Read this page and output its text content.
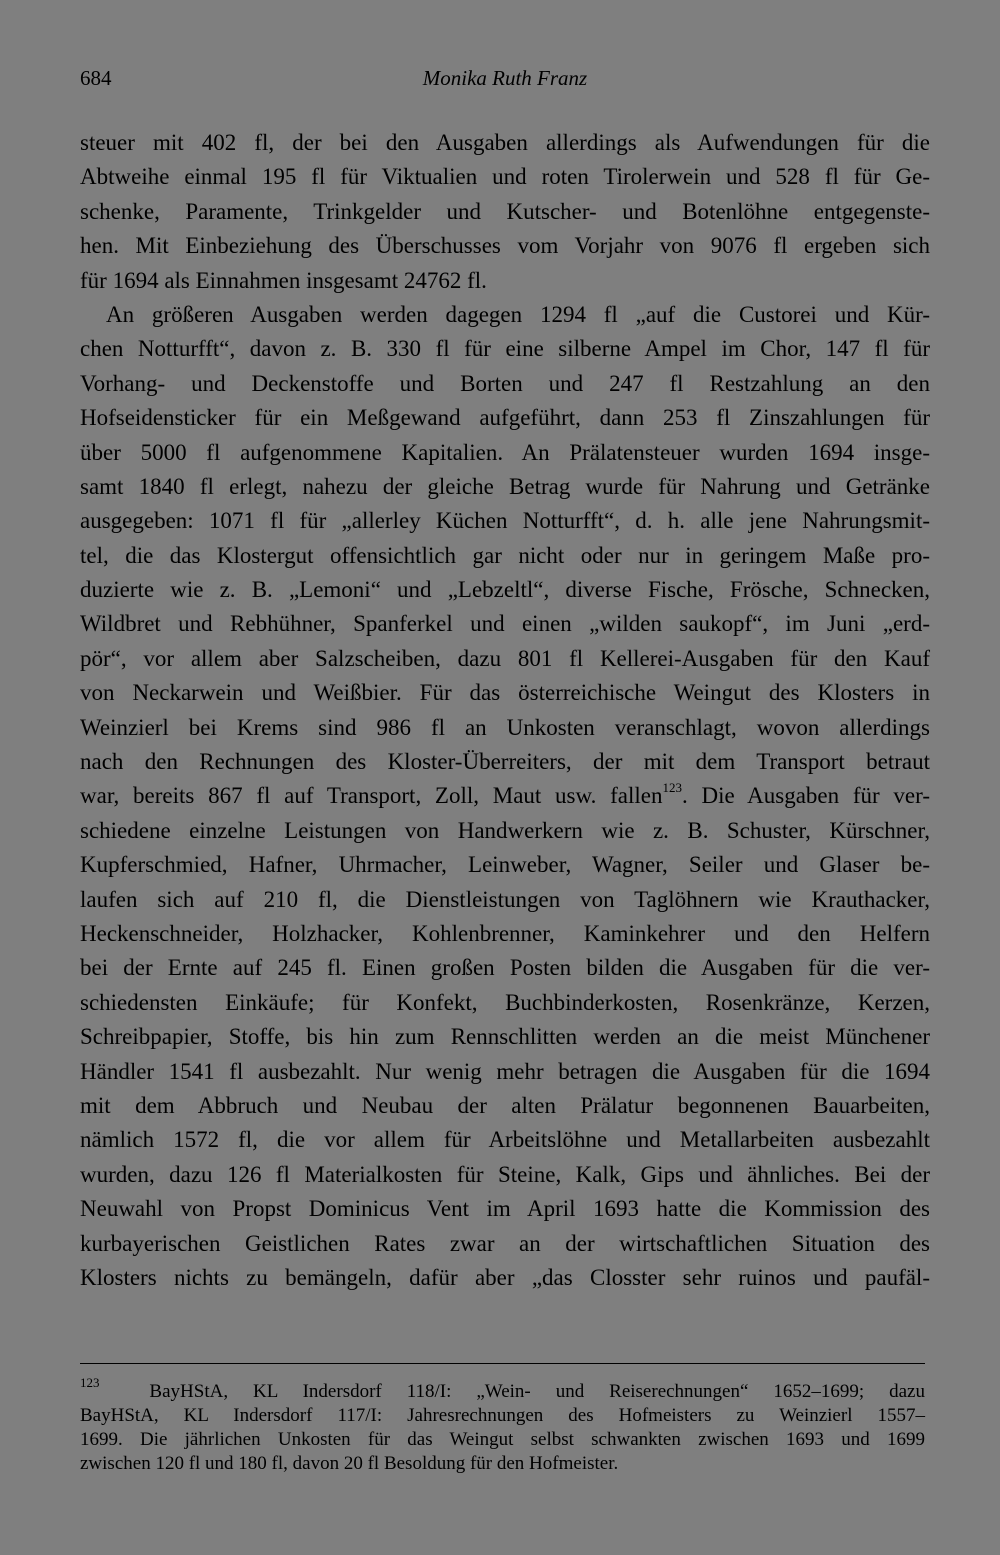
684	Monika Ruth Franz
steuer mit 402 fl, der bei den Ausgaben allerdings als Aufwendungen für die
Abtweihe einmal 195 fl für Viktualien und roten Tirolerwein und 528 fl für Ge-
schenke, Paramente, Trinkgelder und Kutscher- und Botenlöhne entgegenste-
hen. Mit Einbeziehung des Überschusses vom Vorjahr von 9076 fl ergeben sich
für 1694 als Einnahmen insgesamt 24762 fl.
An größeren Ausgaben werden dagegen 1294 fl „auf die Custorei und Kür-
chen Notturfft“, davon z. B. 330 fl für eine silberne Ampel im Chor, 147 fl für
Vorhang- und Deckenstoffe und Borten und 247 fl Restzahlung an den
Hofseidensticker für ein Meßgewand aufgeführt, dann 253 fl Zinszahlungen für
über 5000 fl aufgenommene Kapitalien. An Prälatensteuer wurden 1694 insge-
samt 1840 fl erlegt, nahezu der gleiche Betrag wurde für Nahrung und Getränke
ausgegeben: 1071 fl für „allerley Küchen Notturfft“, d. h. alle jene Nahrungsmit-
tel, die das Klostergut offensichtlich gar nicht oder nur in geringem Maße pro-
duzierte wie z. B. „Lemoni“ und „Lebzeltl“, diverse Fische, Frösche, Schnecken,
Wildbret und Rebhühner, Spanferkel und einen „wilden saukopf“, im Juni „erd-
pör“, vor allem aber Salzscheiben, dazu 801 fl Kellerei-Ausgaben für den Kauf
von Neckarwein und Weißbier. Für das österreichische Weingut des Klosters in
Weinzierl bei Krems sind 986 fl an Unkosten veranschlagt, wovon allerdings
nach den Rechnungen des Kloster-Überreiters, der mit dem Transport betraut
war, bereits 867 fl auf Transport, Zoll, Maut usw. fallen$^{123}$. Die Ausgaben für ver-
schiedene einzelne Leistungen von Handwerkern wie z. B. Schuster, Kürschner,
Kupferschmied, Hafner, Uhrmacher, Leinweber, Wagner, Seiler und Glaser be-
laufen sich auf 210 fl, die Dienstleistungen von Taglöhnern wie Krauthacker,
Heckenschneider, Holzhacker, Kohlenbrenner, Kaminkehrer und den Helfern
bei der Ernte auf 245 fl. Einen großen Posten bilden die Ausgaben für die ver-
schiedensten Einkäufe; für Konfekt, Buchbinderkosten, Rosenkränze, Kerzen,
Schreibpapier, Stoffe, bis hin zum Rennschlitten werden an die meist Münchener
Händler 1541 fl ausbezahlt. Nur wenig mehr betragen die Ausgaben für die 1694
mit dem Abbruch und Neubau der alten Prälatur begonnenen Bauarbeiten,
nämlich 1572 fl, die vor allem für Arbeitslöhne und Metallarbeiten ausbezahlt
wurden, dazu 126 fl Materialkosten für Steine, Kalk, Gips und ähnliches. Bei der
Neuwahl von Propst Dominicus Vent im April 1693 hatte die Kommission des
kurbayerischen Geistlichen Rates zwar an der wirtschaftlichen Situation des
Klosters nichts zu bemängeln, dafür aber „das Closster sehr ruinos und paufäl-
$^{123}$	BayHStA, KL Indersdorf 118/I: „Wein- und Reiserechnungen“ 1652–1699; dazu
BayHStA, KL Indersdorf 117/I: Jahresrechnungen des Hofmeisters zu Weinzierl 1557–
1699. Die jährlichen Unkosten für das Weingut selbst schwankten zwischen 1693 und 1699
zwischen 120 fl und 180 fl, davon 20 fl Besoldung für den Hofmeister.
